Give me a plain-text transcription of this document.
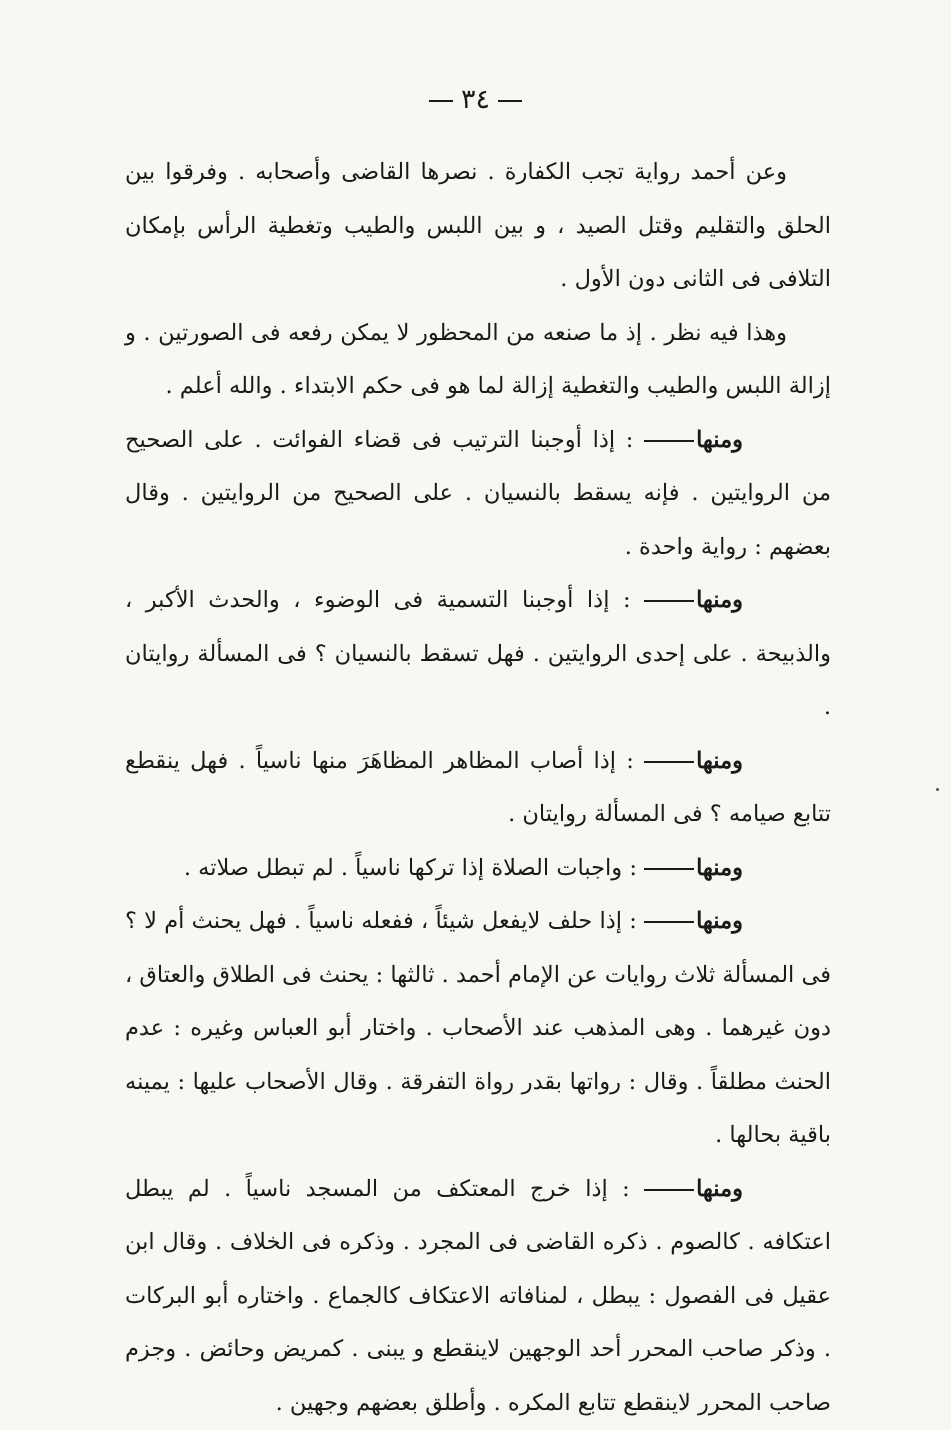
٣٤

وعن أحمد رواية تجب الكفارة . نصرها القاضى وأصحابه . وفرقوا بين الحلق والتقليم وقتل الصيد ، و بين اللبس والطيب وتغطية الرأس بإمكان التلافى فى الثانى دون الأول .

وهذا فيه نظر . إذ ما صنعه من المحظور لا يمكن رفعه فى الصورتين . و إزالة اللبس والطيب والتغطية إزالة لما هو فى حكم الابتداء . والله أعلم .

ومنها : إذا أوجبنا الترتيب فى قضاء الفوائت . على الصحيح من الروايتين . فإنه يسقط بالنسيان . على الصحيح من الروايتين . وقال بعضهم : رواية واحدة .

ومنها : إذا أوجبنا التسمية فى الوضوء ، والحدث الأكبر ، والذبيحة . على إحدى الروايتين . فهل تسقط بالنسيان ؟ فى المسألة روايتان .

ومنها : إذا أصاب المظاهر المظاهَرَ منها ناسياً . فهل ينقطع تتابع صيامه ؟ فى المسألة روايتان .

ومنها : واجبات الصلاة إذا تركها ناسياً . لم تبطل صلاته .

ومنها : إذا حلف لايفعل شيئاً ، ففعله ناسياً . فهل يحنث أم لا ؟ فى المسألة ثلاث روايات عن الإمام أحمد . ثالثها : يحنث فى الطلاق والعتاق ، دون غيرهما . وهى المذهب عند الأصحاب . واختار أبو العباس وغيره : عدم الحنث مطلقاً . وقال : رواتها بقدر رواة التفرقة . وقال الأصحاب عليها : يمينه باقية بحالها .

ومنها : إذا خرج المعتكف من المسجد ناسياً . لم يبطل اعتكافه . كالصوم . ذكره القاضى فى المجرد . وذكره فى الخلاف . وقال ابن عقيل فى الفصول : يبطل ، لمنافاته الاعتكاف كالجماع . واختاره أبو البركات . وذكر صاحب المحرر أحد الوجهين لاينقطع و يبنى . كمريض وحائض . وجزم صاحب المحرر لاينقطع تتابع المكره . وأطلق بعضهم وجهين .
